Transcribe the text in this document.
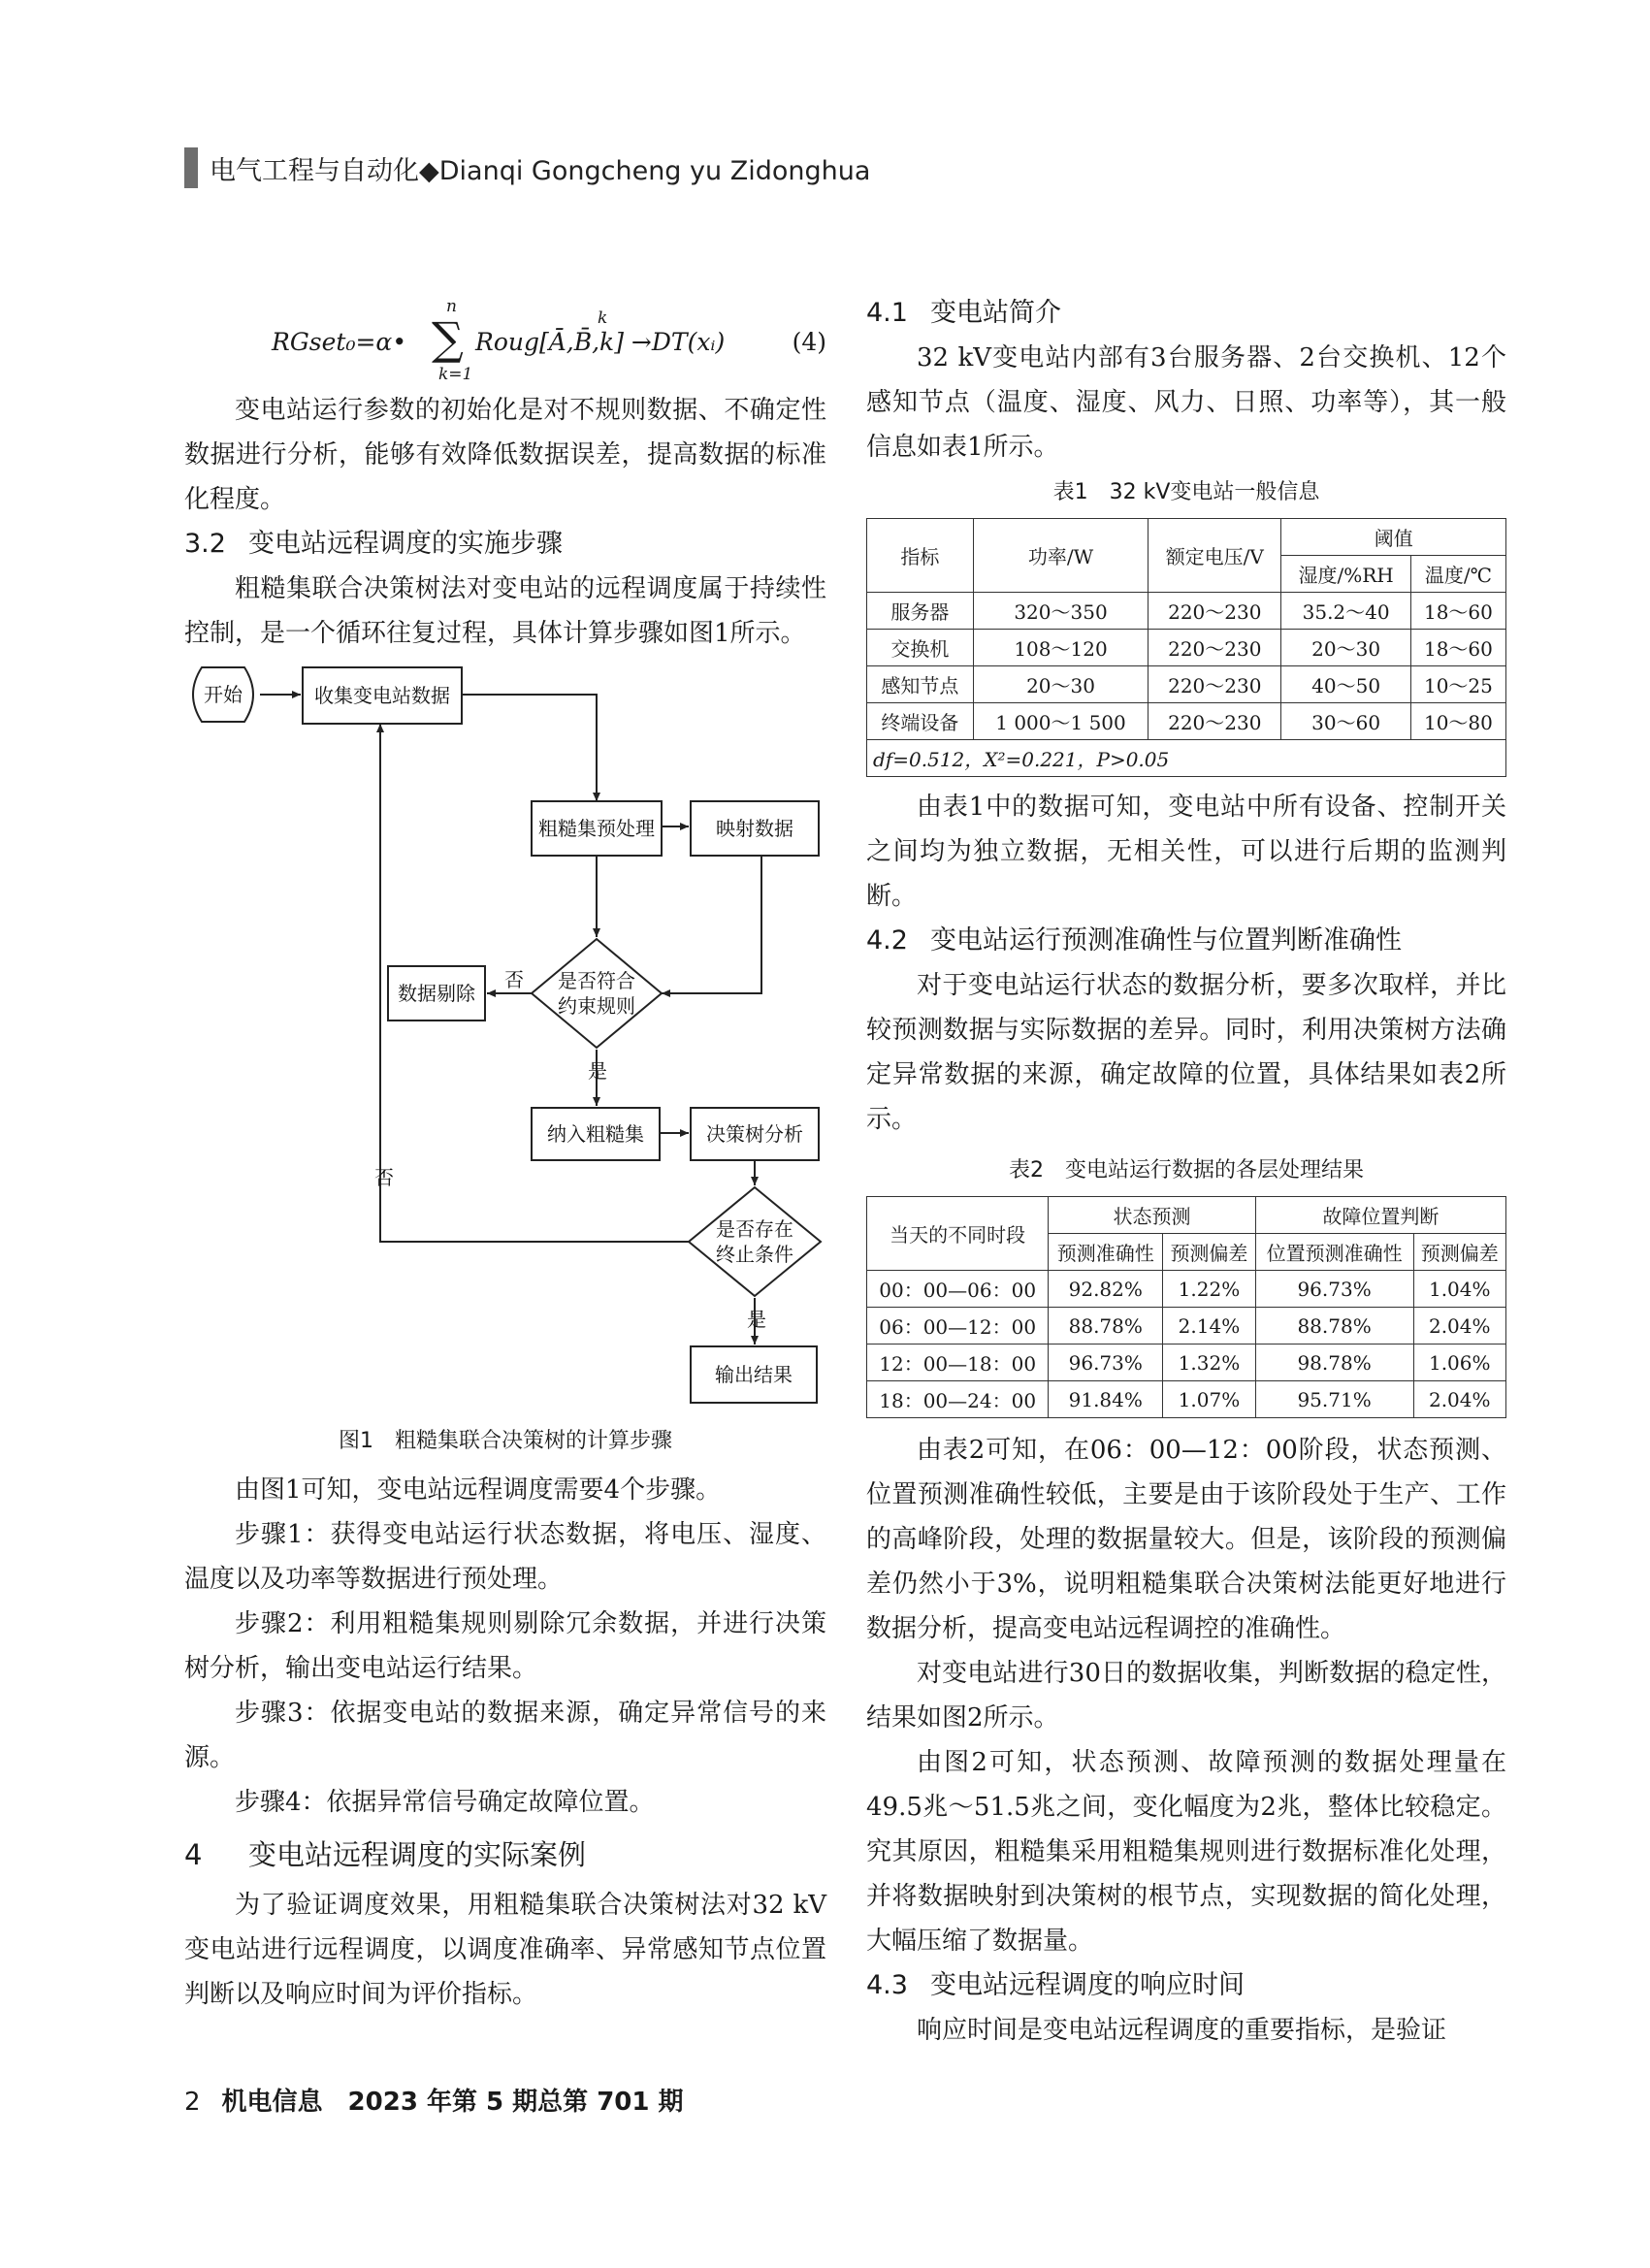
电气工程与自动化◆Dianqi Gongcheng yu Zidonghua
RGset₀=α•
n
∑
k=1
k
Roug[Ā,B̄,k] →DT(xᵢ)	(4)

变电站运行参数的初始化是对不规则数据、不确定性数据进行分析，能够有效降低数据误差，提高数据的标准化程度。

3.2 变电站远程调度的实施步骤

粗糙集联合决策树法对变电站的远程调度属于持续性控制，是一个循环往复过程，具体计算步骤如图1所示。

开始	收集变电站数据
粗糙集预处理	映射数据
是否符合
约束规则
数据剔除
否
是
纳入粗糙集	决策树分析
是否存在
终止条件
否
是
输出结果
图1　粗糙集联合决策树的计算步骤

由图1可知，变电站远程调度需要4个步骤。

步骤1：获得变电站运行状态数据，将电压、湿度、温度以及功率等数据进行预处理。

步骤2：利用粗糙集规则剔除冗余数据，并进行决策树分析，输出变电站运行结果。

步骤3：依据变电站的数据来源，确定异常信号的来源。

步骤4：依据异常信号确定故障位置。

4 变电站远程调度的实际案例

为了验证调度效果，用粗糙集联合决策树法对32 kV变电站进行远程调度，以调度准确率、异常感知节点位置判断以及响应时间为评价指标。

4.1 变电站简介

32 kV变电站内部有3台服务器、2台交换机、12个感知节点（温度、湿度、风力、日照、功率等），其一般信息如表1所示。

表1　32 kV变电站一般信息
指标	功率/W	额定电压/V	阈值	
			湿度/%RH	温度/℃
服务器	320～350	220～230	35.2～40	18～60
交换机	108～120	220～230	20～30	18～60
感知节点	20～30	220～230	40～50	10～25
终端设备	1 000～1 500	220～230	30～60	10～80
df=0.512，X²=0.221，P>0.05				

由表1中的数据可知，变电站中所有设备、控制开关之间均为独立数据，无相关性，可以进行后期的监测判断。

4.2 变电站运行预测准确性与位置判断准确性

对于变电站运行状态的数据分析，要多次取样，并比较预测数据与实际数据的差异。同时，利用决策树方法确定异常数据的来源，确定故障的位置，具体结果如表2所示。

表2　变电站运行数据的各层处理结果
当天的不同时段	状态预测		故障位置判断	
	预测准确性	预测偏差	位置预测准确性	预测偏差
00：00—06：00	92.82%	1.22%	96.73%	1.04%
06：00—12：00	88.78%	2.14%	88.78%	2.04%
12：00—18：00	96.73%	1.32%	98.78%	1.06%
18：00—24：00	91.84%	1.07%	95.71%	2.04%

由表2可知，在06：00—12：00阶段，状态预测、位置预测准确性较低，主要是由于该阶段处于生产、工作的高峰阶段，处理的数据量较大。但是，该阶段的预测偏差仍然小于3%，说明粗糙集联合决策树法能更好地进行数据分析，提高变电站远程调控的准确性。

对变电站进行30日的数据收集，判断数据的稳定性，结果如图2所示。

由图2可知，状态预测、故障预测的数据处理量在49.5兆～51.5兆之间，变化幅度为2兆，整体比较稳定。究其原因，粗糙集采用粗糙集规则进行数据标准化处理，并将数据映射到决策树的根节点，实现数据的简化处理，大幅压缩了数据量。

4.3 变电站远程调度的响应时间

响应时间是变电站远程调度的重要指标，是验证

2 机电信息　2023 年第 5 期总第 701 期
